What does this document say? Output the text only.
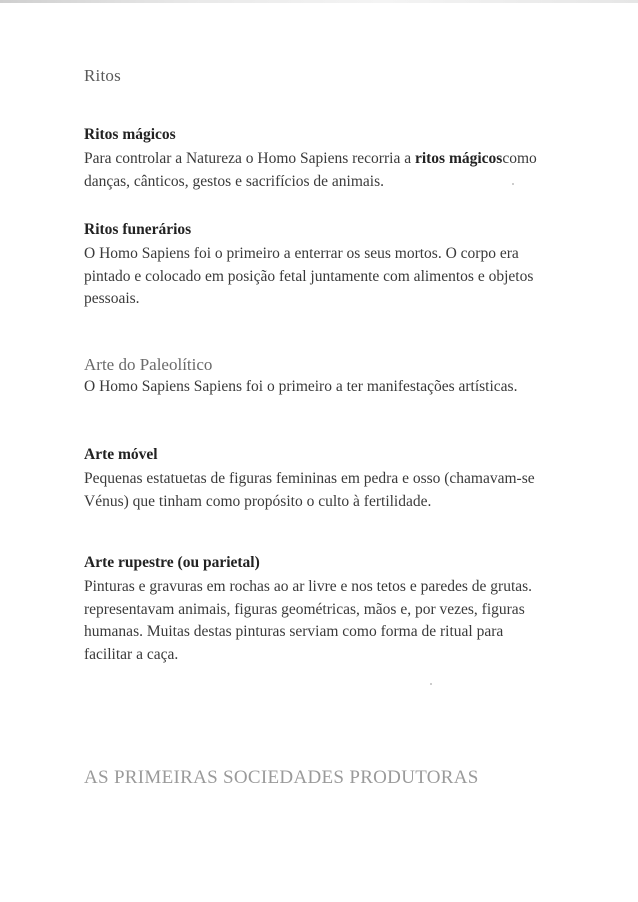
Ritos
Ritos mágicos

Para controlar a Natureza o Homo Sapiens recorria a ritos mágicoscomo danças, cânticos, gestos e sacrifícios de animais.

Ritos funerários

O Homo Sapiens foi o primeiro a enterrar os seus mortos. O corpo era pintado e colocado em posição fetal juntamente com alimentos e objetos pessoais.

Arte do Paleolítico

O Homo Sapiens Sapiens foi o primeiro a ter manifestações artísticas.

Arte móvel

Pequenas estatuetas de figuras femininas em pedra e osso (chamavam-se Vénus) que tinham como propósito o culto à fertilidade.

Arte rupestre (ou parietal)

Pinturas e gravuras em rochas ao ar livre e nos tetos e paredes de grutas. representavam animais, figuras geométricas, mãos e, por vezes, figuras humanas. Muitas destas pinturas serviam como forma de ritual para facilitar a caça.

AS PRIMEIRAS SOCIEDADES PRODUTORAS
